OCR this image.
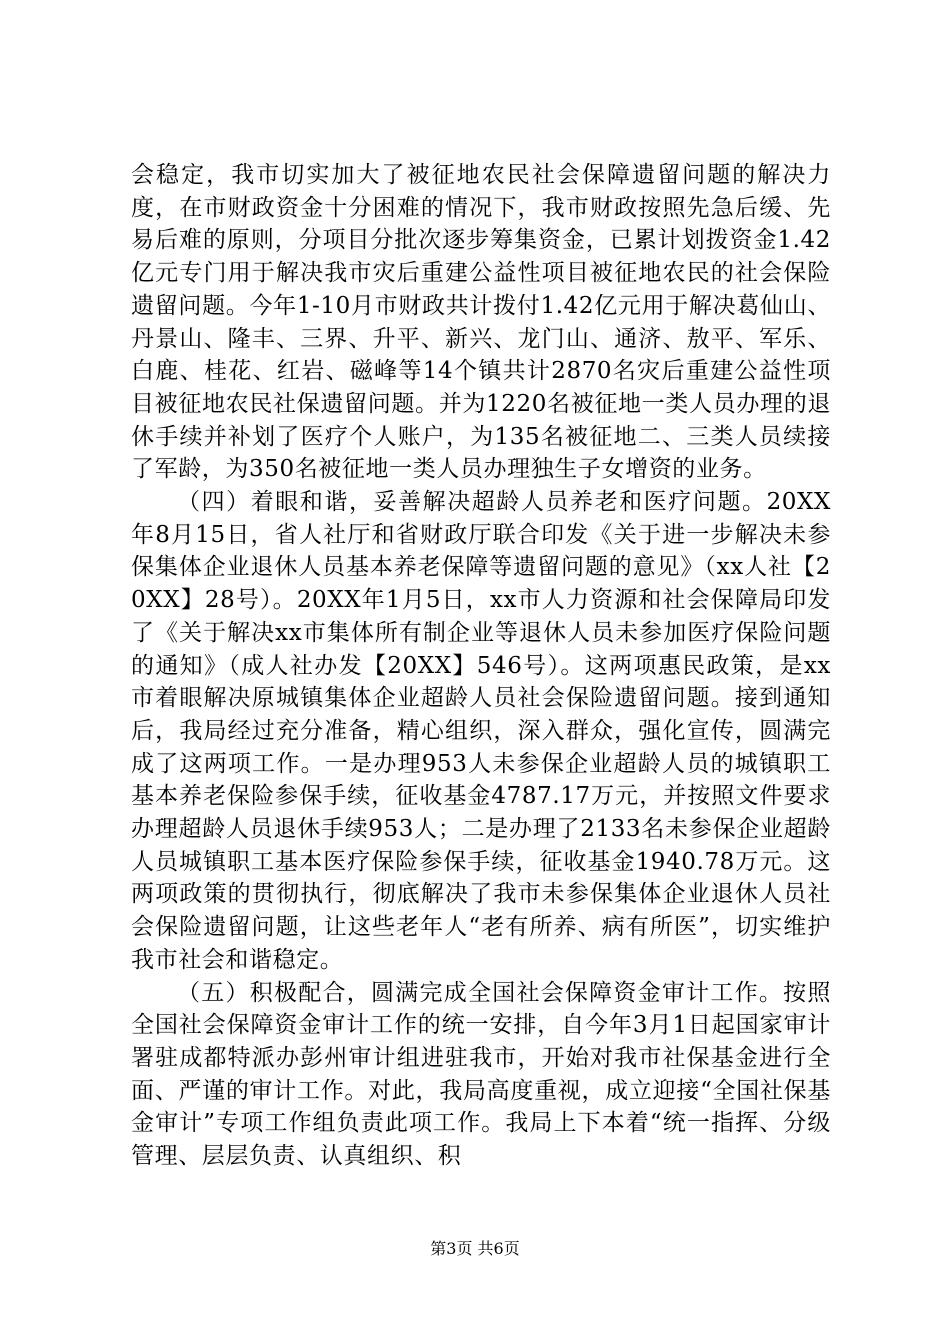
会稳定，我市切实加大了被征地农民社会保障遗留问题的解决力度，在市财政资金十分困难的情况下，我市财政按照先急后缓、先易后难的原则，分项目分批次逐步筹集资金，已累计划拨资金1.42亿元专门用于解决我市灾后重建公益性项目被征地农民的社会保险遗留问题。今年1-10月市财政共计拨付1.42亿元用于解决葛仙山、丹景山、隆丰、三界、升平、新兴、龙门山、通济、敖平、军乐、白鹿、桂花、红岩、磁峰等14个镇共计2870名灾后重建公益性项目被征地农民社保遗留问题。并为1220名被征地一类人员办理的退休手续并补划了医疗个人账户，为135名被征地二、三类人员续接了军龄，为350名被征地一类人员办理独生子女增资的业务。

（四）着眼和谐，妥善解决超龄人员养老和医疗问题。20XX年8月15日，省人社厅和省财政厅联合印发《关于进一步解决未参保集体企业退休人员基本养老保障等遗留问题的意见》（xx人社【20XX】28号）。20XX年1月5日，xx市人力资源和社会保障局印发了《关于解决xx市集体所有制企业等退休人员未参加医疗保险问题的通知》（成人社办发【20XX】546号）。这两项惠民政策，是xx市着眼解决原城镇集体企业超龄人员社会保险遗留问题。接到通知后，我局经过充分准备，精心组织，深入群众，强化宣传，圆满完成了这两项工作。一是办理953人未参保企业超龄人员的城镇职工基本养老保险参保手续，征收基金4787.17万元，并按照文件要求办理超龄人员退休手续953人；二是办理了2133名未参保企业超龄人员城镇职工基本医疗保险参保手续，征收基金1940.78万元。这两项政策的贯彻执行，彻底解决了我市未参保集体企业退休人员社会保险遗留问题，让这些老年人“老有所养、病有所医”，切实维护我市社会和谐稳定。

（五）积极配合，圆满完成全国社会保障资金审计工作。按照全国社会保障资金审计工作的统一安排，自今年3月1日起国家审计署驻成都特派办彭州审计组进驻我市，开始对我市社保基金进行全面、严谨的审计工作。对此，我局高度重视，成立迎接“全国社保基金审计”专项工作组负责此项工作。我局上下本着“统一指挥、分级管理、层层负责、认真组织、积

第3页 共6页
